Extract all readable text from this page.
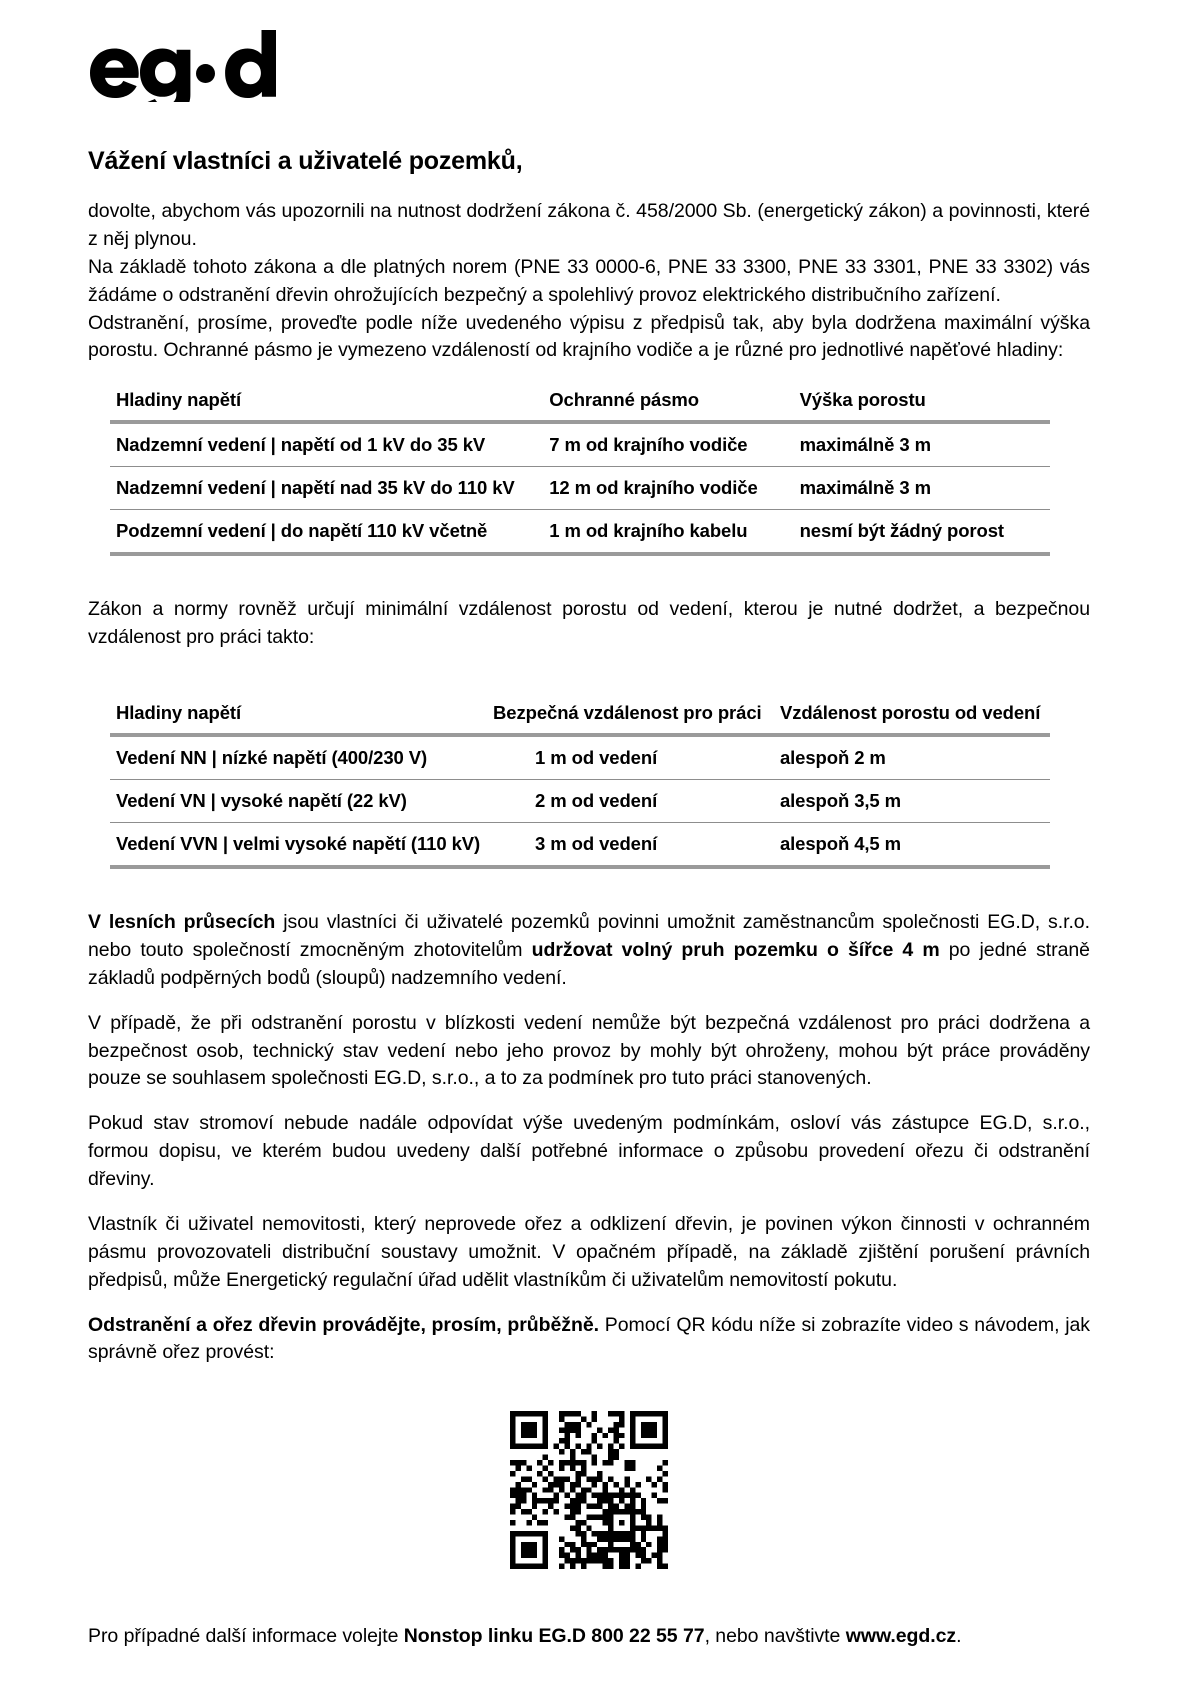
Vážení vlastníci a uživatelé pozemků,

dovolte, abychom vás upozornili na nutnost dodržení zákona č. 458/2000 Sb. (energetický zákon) a povinnosti, které z něj plynou.

Na základě tohoto zákona a dle platných norem (PNE 33 0000-6, PNE 33 3300, PNE 33 3301, PNE 33 3302) vás žádáme o odstranění dřevin ohrožujících bezpečný a spolehlivý provoz elektrického distribučního zařízení.

Odstranění, prosíme, proveďte podle níže uvedeného výpisu z předpisů tak, aby byla dodržena maximální výška porostu. Ochranné pásmo je vymezeno vzdáleností od krajního vodiče a je různé pro jednotlivé napěťové hladiny:

Hladiny napětí	Ochranné pásmo	Výška porostu
Nadzemní vedení | napětí od 1 kV do 35 kV	7 m od krajního vodiče	maximálně 3 m
Nadzemní vedení | napětí nad 35 kV do 110 kV	12 m od krajního vodiče	maximálně 3 m
Podzemní vedení | do napětí 110 kV včetně	1 m od krajního kabelu	nesmí být žádný porost

Zákon a normy rovněž určují minimální vzdálenost porostu od vedení, kterou je nutné dodržet, a bezpečnou vzdálenost pro práci takto:

Hladiny napětí	Bezpečná vzdálenost pro práci	Vzdálenost porostu od vedení
Vedení NN | nízké napětí (400/230 V)	1 m od vedení	alespoň 2 m
Vedení VN | vysoké napětí (22 kV)	2 m od vedení	alespoň 3,5 m
Vedení VVN | velmi vysoké napětí (110 kV)	3 m od vedení	alespoň 4,5 m

V lesních průsecích jsou vlastníci či uživatelé pozemků povinni umožnit zaměstnancům společnosti EG.D, s.r.o. nebo touto společností zmocněným zhotovitelům udržovat volný pruh pozemku o šířce 4 m po jedné straně základů podpěrných bodů (sloupů) nadzemního vedení.

V případě, že při odstranění porostu v blízkosti vedení nemůže být bezpečná vzdálenost pro práci dodržena a bezpečnost osob, technický stav vedení nebo jeho provoz by mohly být ohroženy, mohou být práce prováděny pouze se souhlasem společnosti EG.D, s.r.o., a to za podmínek pro tuto práci stanovených.

Pokud stav stromoví nebude nadále odpovídat výše uvedeným podmínkám, osloví vás zástupce EG.D, s.r.o., formou dopisu, ve kterém budou uvedeny další potřebné informace o způsobu provedení ořezu či odstranění dřeviny.

Vlastník či uživatel nemovitosti, který neprovede ořez a odklizení dřevin, je povinen výkon činnosti v ochranném pásmu provozovateli distribuční soustavy umožnit. V opačném případě, na základě zjištění porušení právních předpisů, může Energetický regulační úřad udělit vlastníkům či uživatelům nemovitostí pokutu.

Odstranění a ořez dřevin provádějte, prosím, průběžně. Pomocí QR kódu níže si zobrazíte video s návodem, jak správně ořez provést:

Pro případné další informace volejte Nonstop linku EG.D 800 22 55 77, nebo navštivte www.egd.cz.
